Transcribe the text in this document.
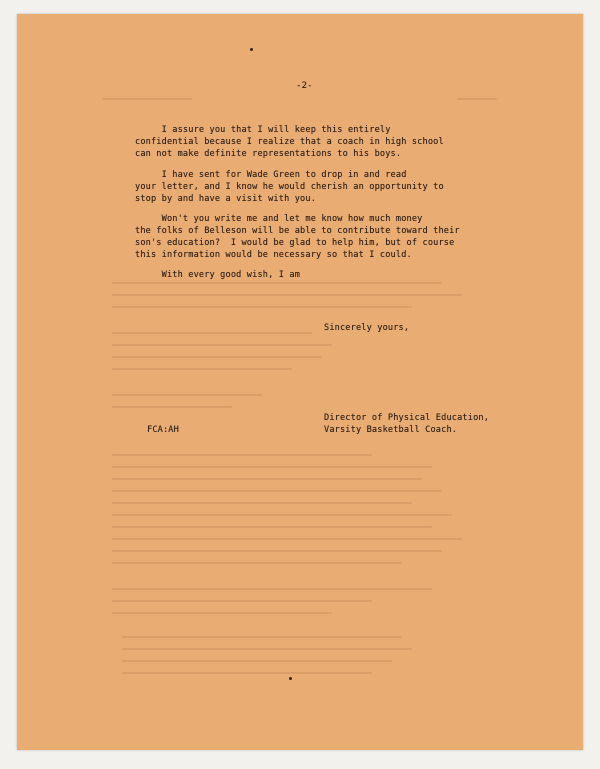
-2-
I assure you that I will keep this entirely
confidential because I realize that a coach in high school
can not make definite representations to his boys.
I have sent for Wade Green to drop in and read
your letter, and I know he would cherish an opportunity to
stop by and have a visit with you.
Won't you write me and let me know how much money
the folks of Belleson will be able to contribute toward their
son's education?  I would be glad to help him, but of course
this information would be necessary so that I could.
With every good wish, I am
Sincerely yours,
Director of Physical Education,
Varsity Basketball Coach.
FCA:AH
